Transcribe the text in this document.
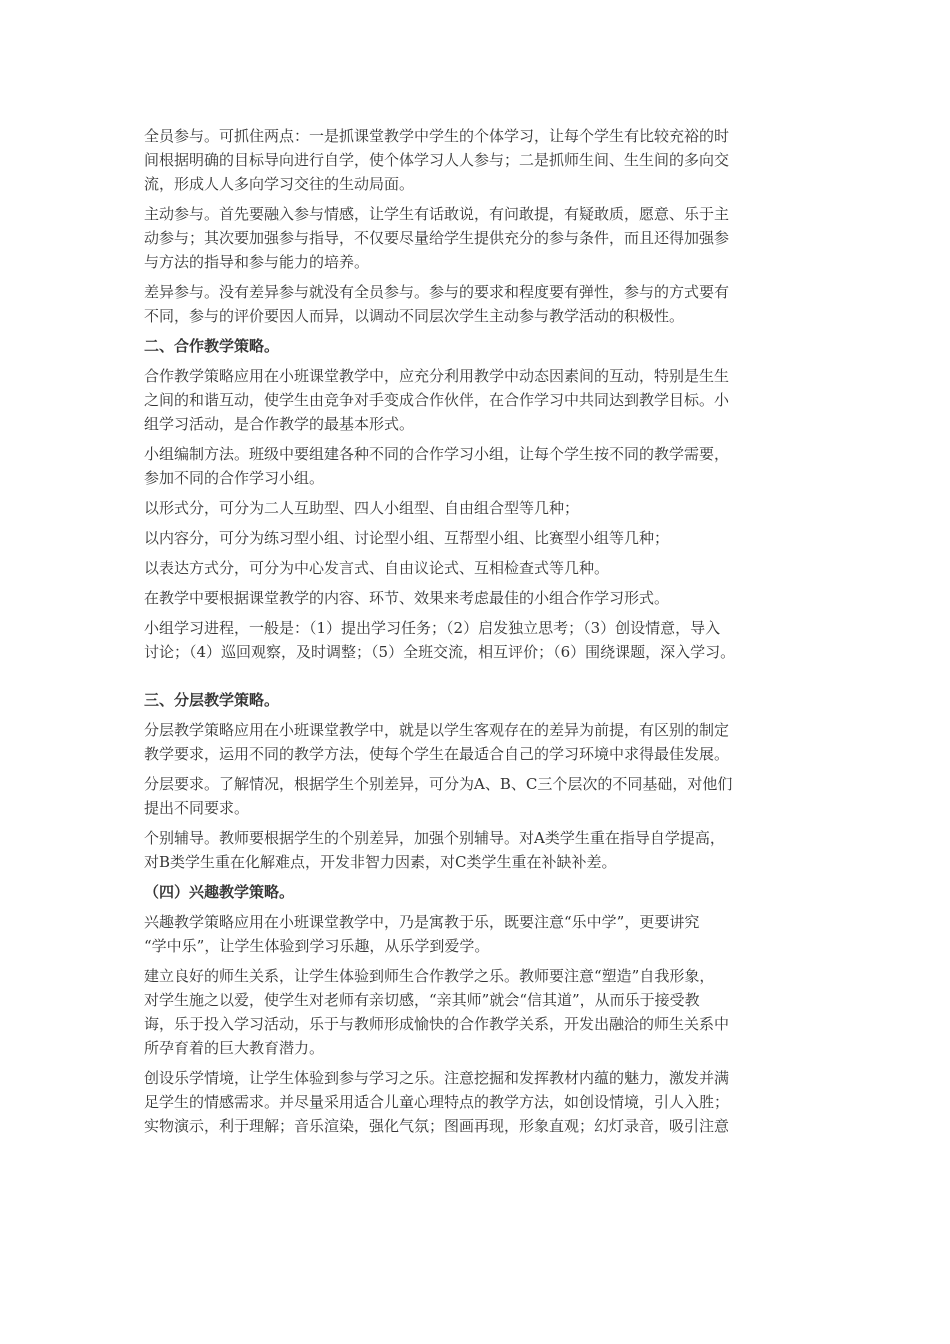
全员参与。可抓住两点：一是抓课堂教学中学生的个体学习，让每个学生有比较充裕的时
间根据明确的目标导向进行自学，使个体学习人人参与；二是抓师生间、生生间的多向交
流，形成人人多向学习交往的生动局面。

主动参与。首先要融入参与情感，让学生有话敢说，有问敢提，有疑敢质，愿意、乐于主
动参与；其次要加强参与指导，不仅要尽量给学生提供充分的参与条件，而且还得加强参
与方法的指导和参与能力的培养。

差异参与。没有差异参与就没有全员参与。参与的要求和程度要有弹性，参与的方式要有
不同，参与的评价要因人而异，以调动不同层次学生主动参与教学活动的积极性。

二、合作教学策略。

合作教学策略应用在小班课堂教学中，应充分利用教学中动态因素间的互动，特别是生生
之间的和谐互动，使学生由竞争对手变成合作伙伴，在合作学习中共同达到教学目标。小
组学习活动，是合作教学的最基本形式。

小组编制方法。班级中要组建各种不同的合作学习小组，让每个学生按不同的教学需要，
参加不同的合作学习小组。

以形式分，可分为二人互助型、四人小组型、自由组合型等几种；

以内容分，可分为练习型小组、讨论型小组、互帮型小组、比赛型小组等几种；

以表达方式分，可分为中心发言式、自由议论式、互相检查式等几种。

在教学中要根据课堂教学的内容、环节、效果来考虑最佳的小组合作学习形式。

小组学习进程，一般是：（1）提出学习任务；（2）启发独立思考；（3）创设情意，导入
讨论；（4）巡回观察，及时调整；（5）全班交流，相互评价；（6）围绕课题，深入学习。

三、分层教学策略。

分层教学策略应用在小班课堂教学中，就是以学生客观存在的差异为前提，有区别的制定
教学要求，运用不同的教学方法，使每个学生在最适合自己的学习环境中求得最佳发展。

分层要求。了解情况，根据学生个别差异，可分为A、B、C三个层次的不同基础，对他们
提出不同要求。

个别辅导。教师要根据学生的个别差异，加强个别辅导。对A类学生重在指导自学提高，
对B类学生重在化解难点，开发非智力因素，对C类学生重在补缺补差。

（四）兴趣教学策略。

兴趣教学策略应用在小班课堂教学中，乃是寓教于乐，既要注意“乐中学”，更要讲究
“学中乐”，让学生体验到学习乐趣，从乐学到爱学。

建立良好的师生关系，让学生体验到师生合作教学之乐。教师要注意“塑造”自我形象，
对学生施之以爱，使学生对老师有亲切感，“亲其师”就会“信其道”，从而乐于接受教
诲，乐于投入学习活动，乐于与教师形成愉快的合作教学关系，开发出融洽的师生关系中
所孕育着的巨大教育潜力。

创设乐学情境，让学生体验到参与学习之乐。注意挖掘和发挥教材内蕴的魅力，激发并满
足学生的情感需求。并尽量采用适合儿童心理特点的教学方法，如创设情境，引人入胜；
实物演示，利于理解；音乐渲染，强化气氛；图画再现，形象直观；幻灯录音，吸引注意
